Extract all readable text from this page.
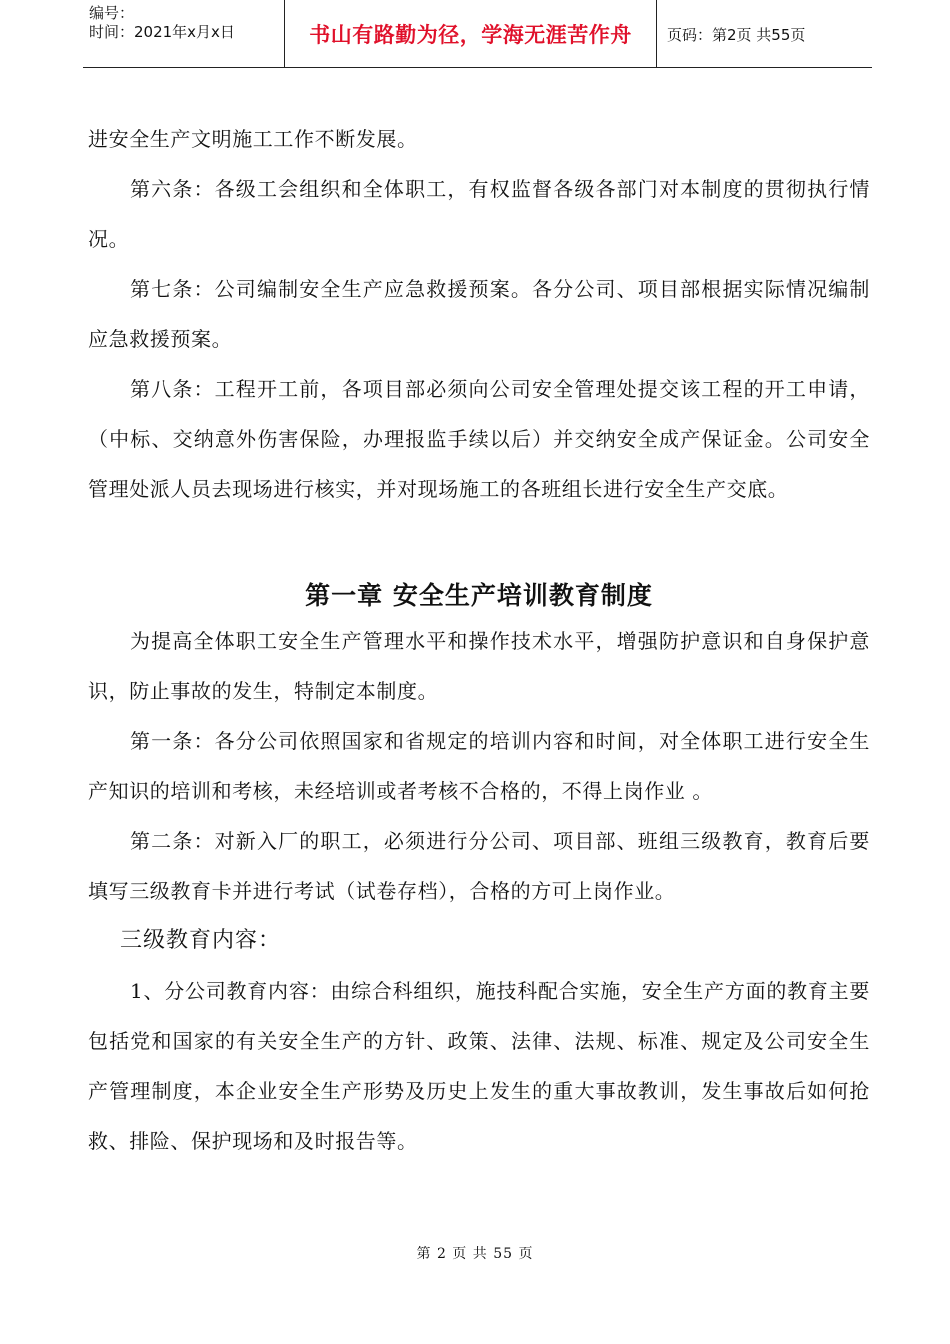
编号：
时间：2021年x月x日	书山有路勤为径，学海无涯苦作舟	页码：第2页 共55页

进安全生产文明施工工作不断发展。

第六条：各级工会组织和全体职工，有权监督各级各部门对本制度的贯彻执行情况。

第七条：公司编制安全生产应急救援预案。各分公司、项目部根据实际情况编制应急救援预案。

第八条：工程开工前，各项目部必须向公司安全管理处提交该工程的开工申请，（中标、交纳意外伤害保险，办理报监手续以后）并交纳安全成产保证金。公司安全管理处派人员去现场进行核实，并对现场施工的各班组长进行安全生产交底。

第一章 安全生产培训教育制度

为提高全体职工安全生产管理水平和操作技术水平，增强防护意识和自身保护意识，防止事故的发生，特制定本制度。

第一条：各分公司依照国家和省规定的培训内容和时间，对全体职工进行安全生产知识的培训和考核，未经培训或者考核不合格的，不得上岗作业 。

第二条：对新入厂的职工，必须进行分公司、项目部、班组三级教育，教育后要填写三级教育卡并进行考试（试卷存档），合格的方可上岗作业。

三级教育内容：

1、分公司教育内容：由综合科组织，施技科配合实施，安全生产方面的教育主要包括党和国家的有关安全生产的方针、政策、法律、法规、标准、规定及公司安全生产管理制度，本企业安全生产形势及历史上发生的重大事故教训，发生事故后如何抢救、排险、保护现场和及时报告等。

第 2 页 共 55 页
